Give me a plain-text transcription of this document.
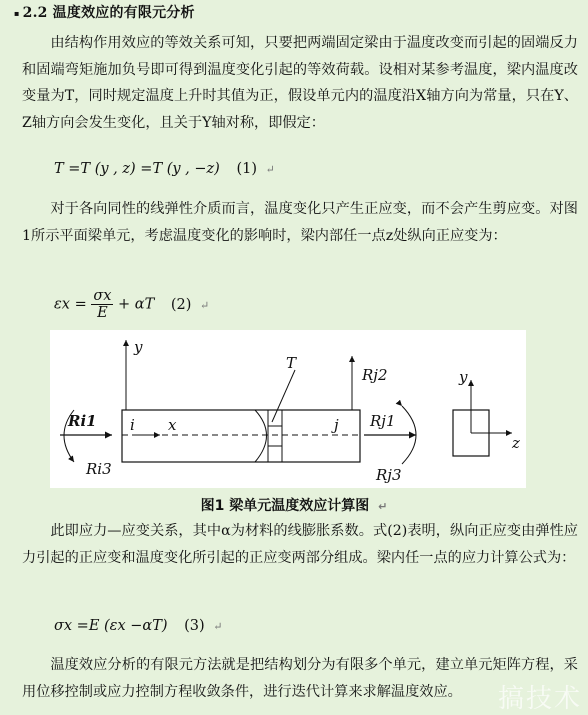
▪ 2.2 温度效应的有限元分析
由结构作用效应的等效关系可知，只要把两端固定梁由于温度改变而引起的固端反力和固端弯矩施加负号即可得到温度变化引起的等效荷载。设相对某参考温度，梁内温度改变量为T，同时规定温度上升时其值为正，假设单元内的温度沿X轴方向为常量，只在Y、Z轴方向会发生变化，且关于Y轴对称，即假定：
T =T (y , z) =T (y , −z) (1) ↵
对于各向同性的线弹性介质而言，温度变化只产生正应变，而不会产生剪应变。对图1所示平面梁单元，考虑温度变化的影响时，梁内部任一点z处纵向正应变为：
$\varepsilon x = \frac{\sigma x}{E} + \alpha T$ (2) ↵
y
T
Rj2
Ri1 i x	j Rj1
Ri3	Rj3
y
z
图1 梁单元温度效应计算图 ↵
此即应力—应变关系，其中α为材料的线膨胀系数。式(2)表明，纵向正应变由弹性应力引起的正应变和温度变化所引起的正应变两部分组成。梁内任一点的应力计算公式为：
σx =E (εx −αT) (3) ↵
温度效应分析的有限元方法就是把结构划分为有限多个单元，建立单元矩阵方程，采用位移控制或应力控制方程收敛条件，进行迭代计算来求解温度效应。	搞技术
